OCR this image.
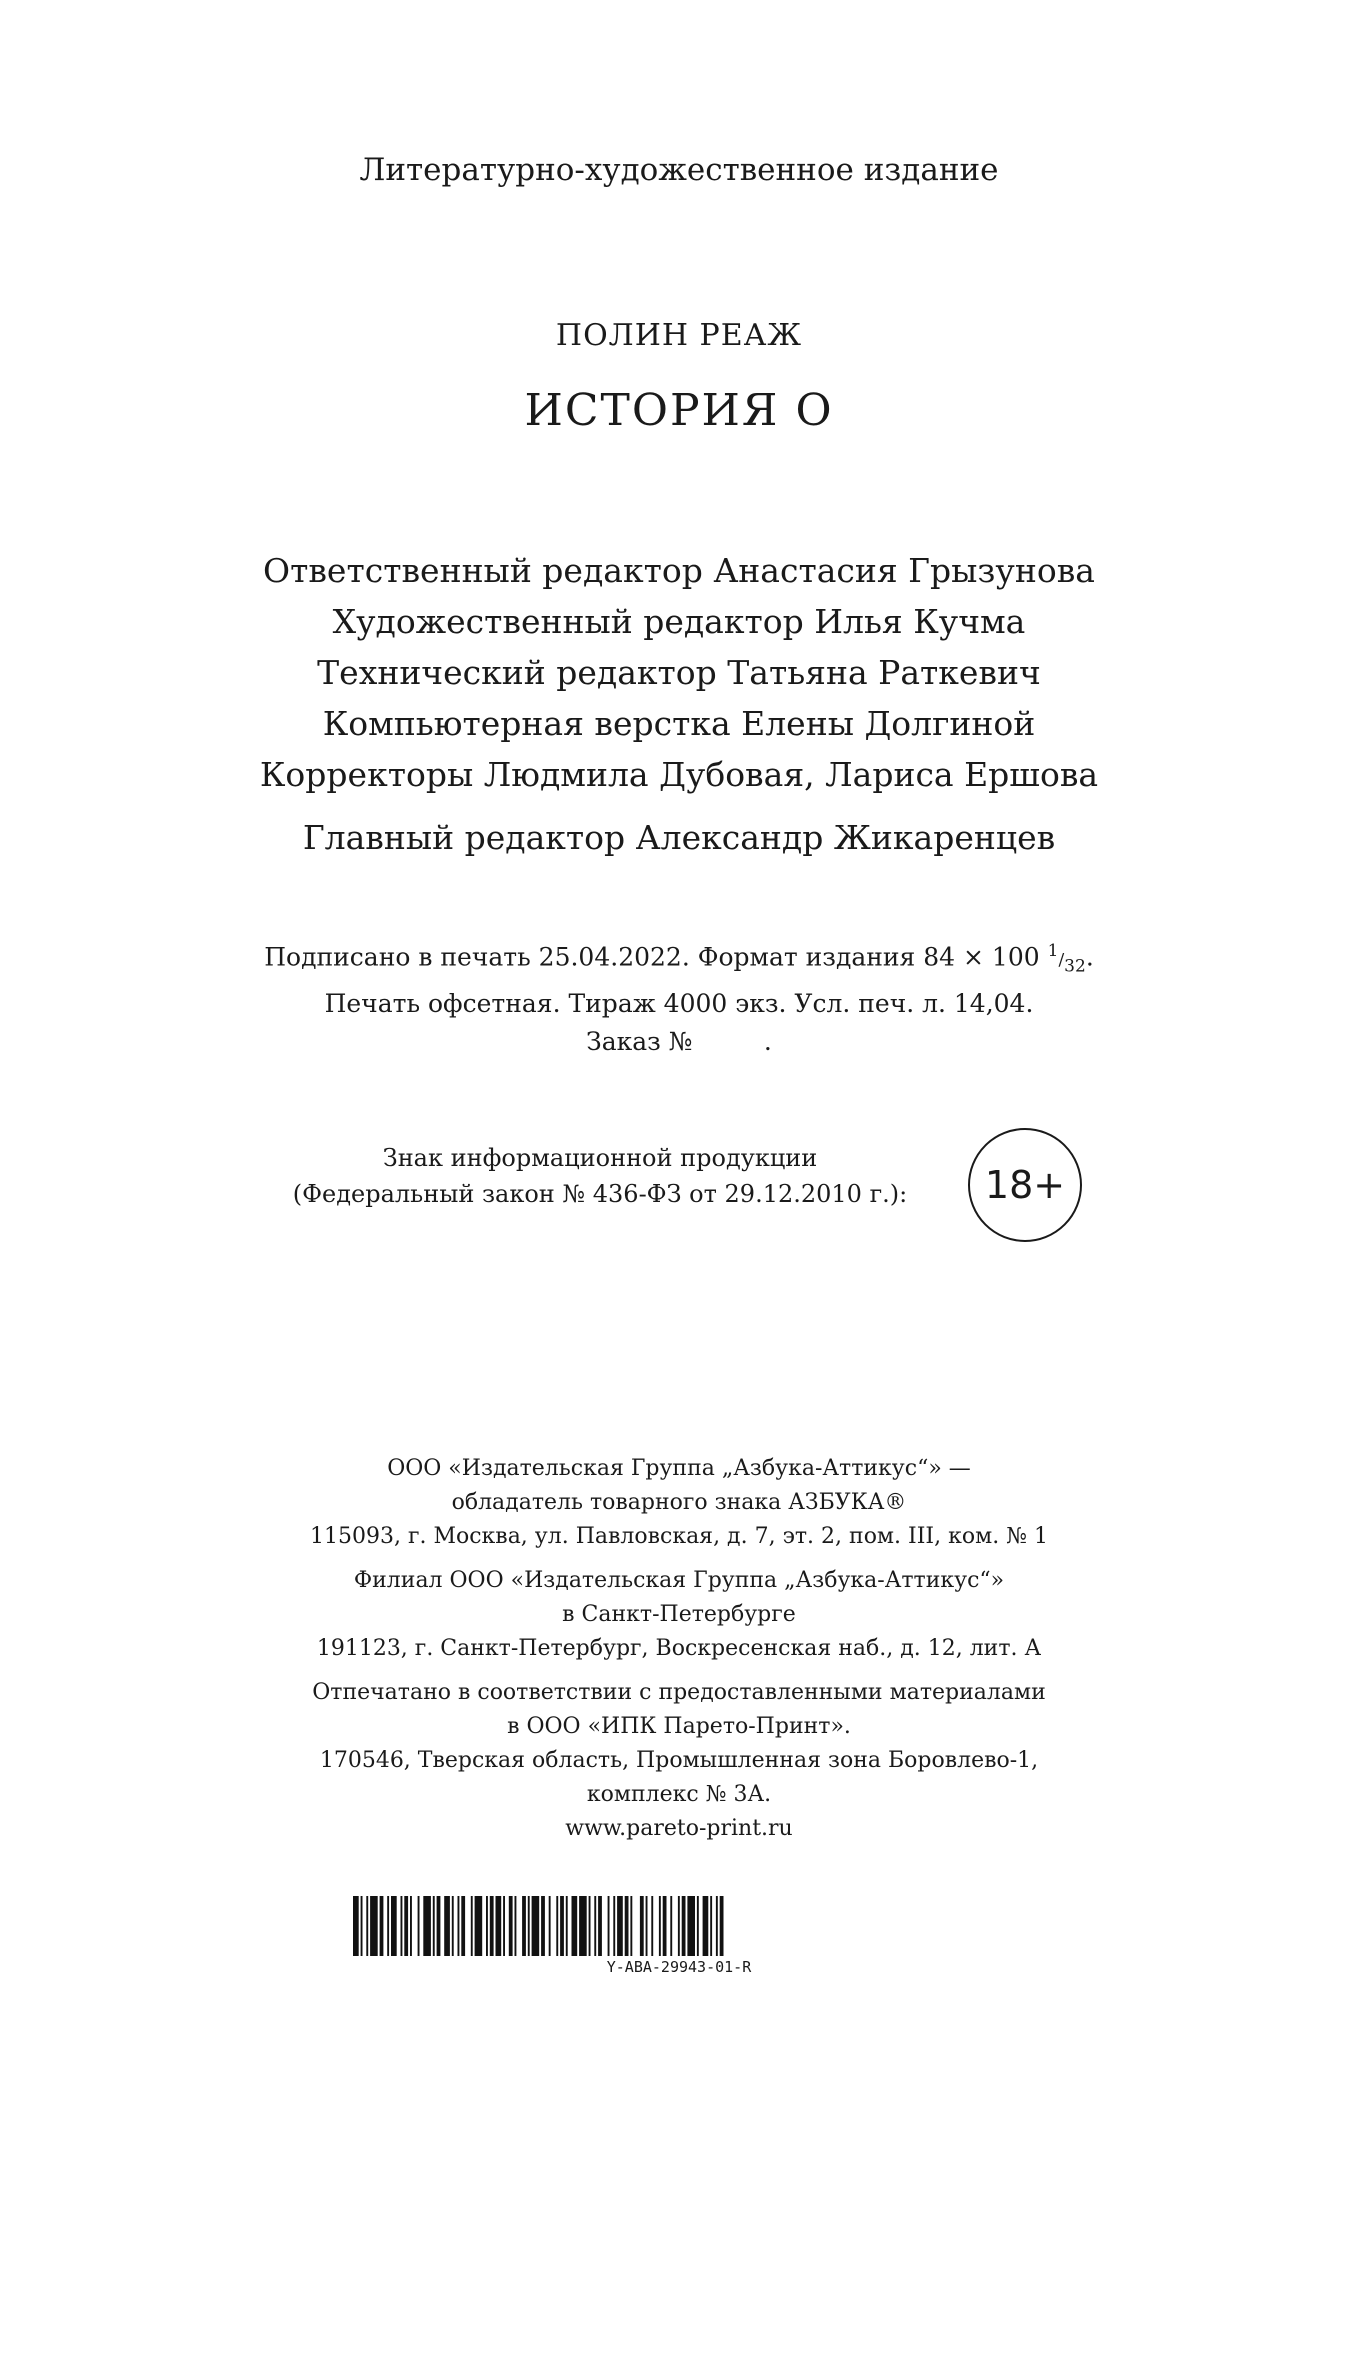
Литературно-художественное издание
ПОЛИН РЕАЖ
ИСТОРИЯ О
Ответственный редактор Анастасия Грызунова
Художественный редактор Илья Кучма
Технический редактор Татьяна Раткевич
Компьютерная верстка Елены Долгиной
Корректоры Людмила Дубовая, Лариса Ершова
Главный редактор Александр Жикаренцев
Подписано в печать 25.04.2022. Формат издания 84 × 100 $^1/_{32}$.
Печать офсетная. Тираж 4000 экз. Усл. печ. л. 14,04.
Заказ №         .
Знак информационной продукции
(Федеральный закон № 436-ФЗ от 29.12.2010 г.):	18+
ООО «Издательская Группа „Азбука-Аттикус“» —
обладатель товарного знака АЗБУКА®
115093, г. Москва, ул. Павловская, д. 7, эт. 2, пом. III, ком. № 1
Филиал ООО «Издательская Группа „Азбука-Аттикус“»
в Санкт-Петербурге
191123, г. Санкт-Петербург, Воскресенская наб., д. 12, лит. А
Отпечатано в соответствии с предоставленными материалами
в ООО «ИПК Парето-Принт».
170546, Тверская область, Промышленная зона Боровлево-1,
комплекс № 3А.
www.pareto-print.ru
Y-ABA-29943-01-R
